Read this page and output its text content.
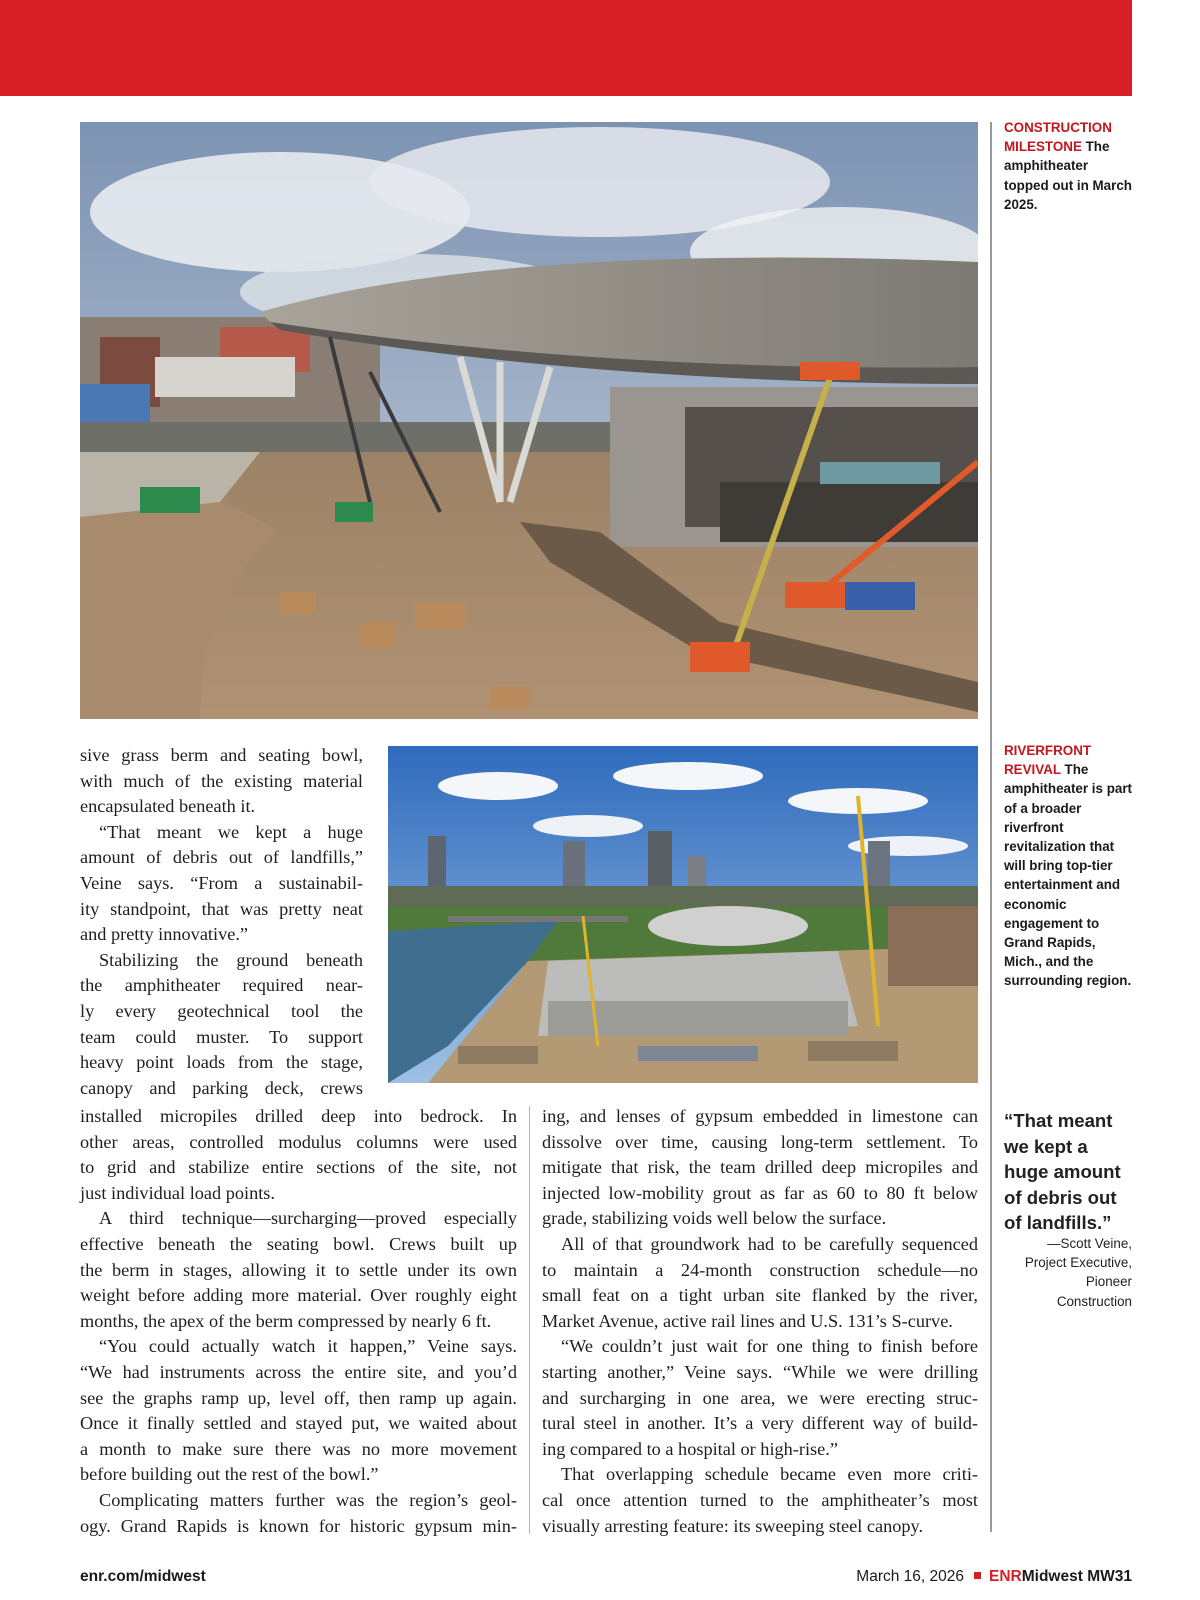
CONSTRUCTION MILESTONE The amphitheater topped out in March 2025.
RIVERFRONT REVIVAL The amphitheater is part of a broader riverfront revitalization that will bring top-tier entertainment and economic engagement to Grand Rapids, Mich., and the surrounding region.
sive grass berm and seating bowl,
with much of the existing material
encapsulated beneath it.
“That meant we kept a huge
amount of debris out of landfills,”
Veine says. “From a sustainabil-
ity standpoint, that was pretty neat
and pretty innovative.”
Stabilizing the ground beneath
the amphitheater required near-
ly every geotechnical tool the
team could muster. To support
heavy point loads from the stage,
canopy and parking deck, crews
installed micropiles drilled deep into bedrock. In
other areas, controlled modulus columns were used
to grid and stabilize entire sections of the site, not
just individual load points.
A third technique—surcharging—proved especially
effective beneath the seating bowl. Crews built up
the berm in stages, allowing it to settle under its own
weight before adding more material. Over roughly eight
months, the apex of the berm compressed by nearly 6 ft.
“You could actually watch it happen,” Veine says.
“We had instruments across the entire site, and you’d
see the graphs ramp up, level off, then ramp up again.
Once it finally settled and stayed put, we waited about
a month to make sure there was no more movement
before building out the rest of the bowl.”
Complicating matters further was the region’s geol-
ogy. Grand Rapids is known for historic gypsum min-
ing, and lenses of gypsum embedded in limestone can
dissolve over time, causing long-term settlement. To
mitigate that risk, the team drilled deep micropiles and
injected low-mobility grout as far as 60 to 80 ft below
grade, stabilizing voids well below the surface.
All of that groundwork had to be carefully sequenced
to maintain a 24-month construction schedule—no
small feat on a tight urban site flanked by the river,
Market Avenue, active rail lines and U.S. 131’s S-curve.
“We couldn’t just wait for one thing to finish before
starting another,” Veine says. “While we were drilling
and surcharging in one area, we were erecting struc-
tural steel in another. It’s a very different way of build-
ing compared to a hospital or high-rise.”
That overlapping schedule became even more criti-
cal once attention turned to the amphitheater’s most
visually arresting feature: its sweeping steel canopy.
“That meant we kept a huge amount of debris out of landfills.”
—Scott Veine,
Project Executive,
Pioneer
Construction
enr.com/midwest	March 16, 2026 ENRMidwest MW31
